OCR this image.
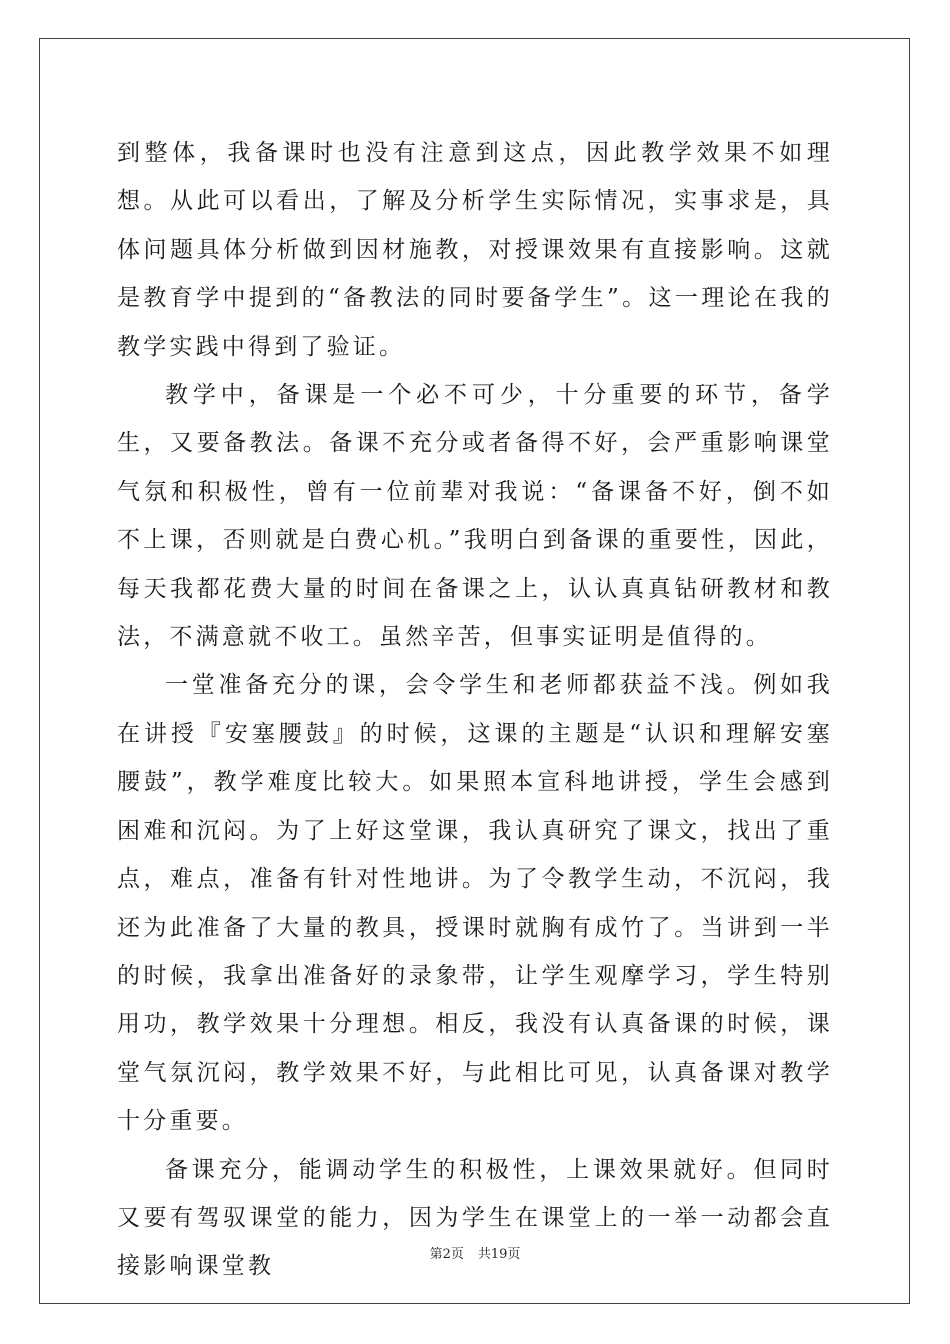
到整体，我备课时也没有注意到这点，因此教学效果不如理想。从此可以看出，了解及分析学生实际情况，实事求是，具体问题具体分析做到因材施教，对授课效果有直接影响。这就是教育学中提到的“备教法的同时要备学生”。这一理论在我的教学实践中得到了验证。

教学中，备课是一个必不可少，十分重要的环节，备学生，又要备教法。备课不充分或者备得不好，会严重影响课堂气氛和积极性，曾有一位前辈对我说：“备课备不好，倒不如不上课，否则就是白费心机。”我明白到备课的重要性，因此，每天我都花费大量的时间在备课之上，认认真真钻研教材和教法，不满意就不收工。虽然辛苦，但事实证明是值得的。

一堂准备充分的课，会令学生和老师都获益不浅。例如我在讲授『安塞腰鼓』的时候，这课的主题是“认识和理解安塞腰鼓”，教学难度比较大。如果照本宣科地讲授，学生会感到困难和沉闷。为了上好这堂课，我认真研究了课文，找出了重点，难点，准备有针对性地讲。为了令教学生动，不沉闷，我还为此准备了大量的教具，授课时就胸有成竹了。当讲到一半的时候，我拿出准备好的录象带，让学生观摩学习，学生特别用功，教学效果十分理想。相反，我没有认真备课的时候，课堂气氛沉闷，教学效果不好，与此相比可见，认真备课对教学十分重要。

备课充分，能调动学生的积极性，上课效果就好。但同时又要有驾驭课堂的能力，因为学生在课堂上的一举一动都会直接影响课堂教	第2页 共19页
